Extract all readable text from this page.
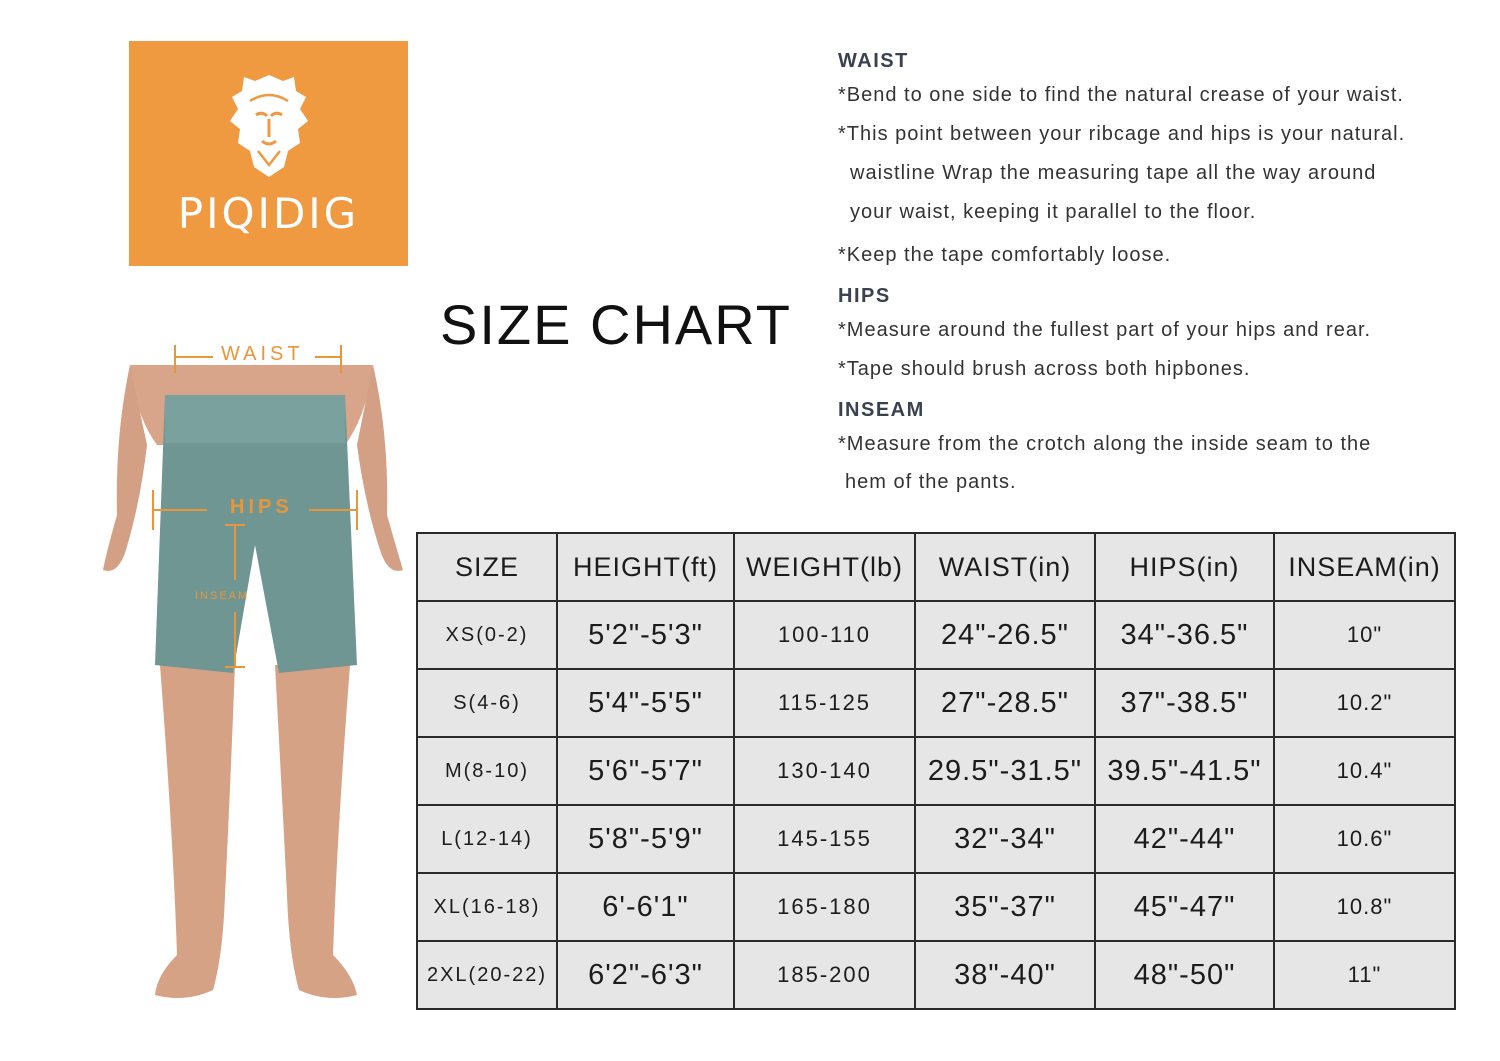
PIQIDIG
SIZE CHART
WAIST
HIPS
INSEAM
WAIST

*Bend to one side to find the natural crease of your waist.

*This point between your ribcage and hips is your natural.

waistline Wrap the measuring tape all the way around

your waist, keeping it parallel to the floor.

*Keep the tape comfortably loose.

HIPS

*Measure around the fullest part of your hips and rear.

*Tape should brush across both hipbones.

INSEAM

*Measure from the crotch along the inside seam to the

hem of the pants.

SIZE	HEIGHT(ft)	WEIGHT(lb)	WAIST(in)	HIPS(in)	INSEAM(in)
XS(0-2)	5'2"-5'3"	100-110	24"-26.5"	34"-36.5"	10"
S(4-6)	5'4"-5'5"	115-125	27"-28.5"	37"-38.5"	10.2"
M(8-10)	5'6"-5'7"	130-140	29.5"-31.5"	39.5"-41.5"	10.4"
L(12-14)	5'8"-5'9"	145-155	32"-34"	42"-44"	10.6"
XL(16-18)	6'-6'1"	165-180	35"-37"	45"-47"	10.8"
2XL(20-22)	6'2"-6'3"	185-200	38"-40"	48"-50"	11"
